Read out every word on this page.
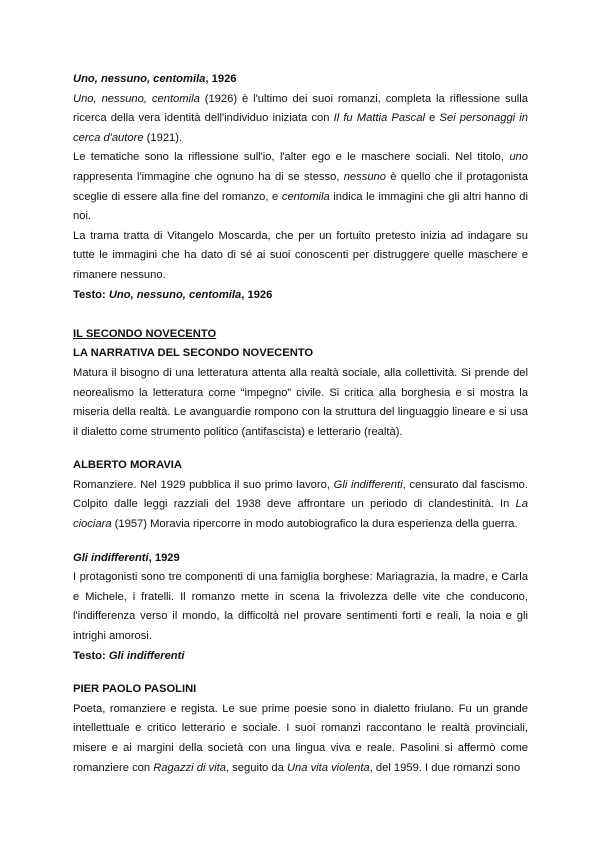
Uno, nessuno, centomila, 1926

Uno, nessuno, centomila (1926) è l'ultimo dei suoi romanzi, completa la riflessione sulla ricerca della vera identità dell'individuo iniziata con Il fu Mattia Pascal e Sei personaggi in cerca d'autore (1921).

Le tematiche sono la riflessione sull'io, l'alter ego e le maschere sociali. Nel titolo, uno rappresenta l'immagine che ognuno ha di se stesso, nessuno è quello che il protagonista sceglie di essere alla fine del romanzo, e centomila indica le immagini che gli altri hanno di noi.

La trama tratta di Vitangelo Moscarda, che per un fortuito pretesto inizia ad indagare su tutte le immagini che ha dato di sé ai suoi conoscenti per distruggere quelle maschere e rimanere nessuno.

Testo: Uno, nessuno, centomila, 1926

IL SECONDO NOVECENTO

LA NARRATIVA DEL SECONDO NOVECENTO

Matura il bisogno di una letteratura attenta alla realtà sociale, alla collettività. Si prende del neorealismo la letteratura come “impegno” civile. Si critica alla borghesia e si mostra la miseria della realtà. Le avanguardie rompono con la struttura del linguaggio lineare e si usa il dialetto come strumento politico (antifascista) e letterario (realtà).

ALBERTO MORAVIA

Romanziere. Nel 1929 pubblica il suo primo lavoro, Gli indifferenti, censurato dal fascismo. Colpito dalle leggi razziali del 1938 deve affrontare un periodo di clandestinità. In La ciociara (1957) Moravia ripercorre in modo autobiografico la dura esperienza della guerra.

Gli indifferenti, 1929

I protagonisti sono tre componenti di una famiglia borghese: Mariagrazia, la madre, e Carla e Michele, i fratelli. Il romanzo mette in scena la frivolezza delle vite che conducono, l'indifferenza verso il mondo, la difficoltà nel provare sentimenti forti e reali, la noia e gli intrighi amorosi.

Testo: Gli indifferenti

PIER PAOLO PASOLINI

Poeta, romanziere e regista. Le sue prime poesie sono in dialetto friulano. Fu un grande intellettuale e critico letterario e sociale. I suoi romanzi raccontano le realtà provinciali, misere e ai margini della società con una lingua viva e reale. Pasolini si affermò come romanziere con Ragazzi di vita, seguito da Una vita violenta, del 1959. I due romanzi sono
